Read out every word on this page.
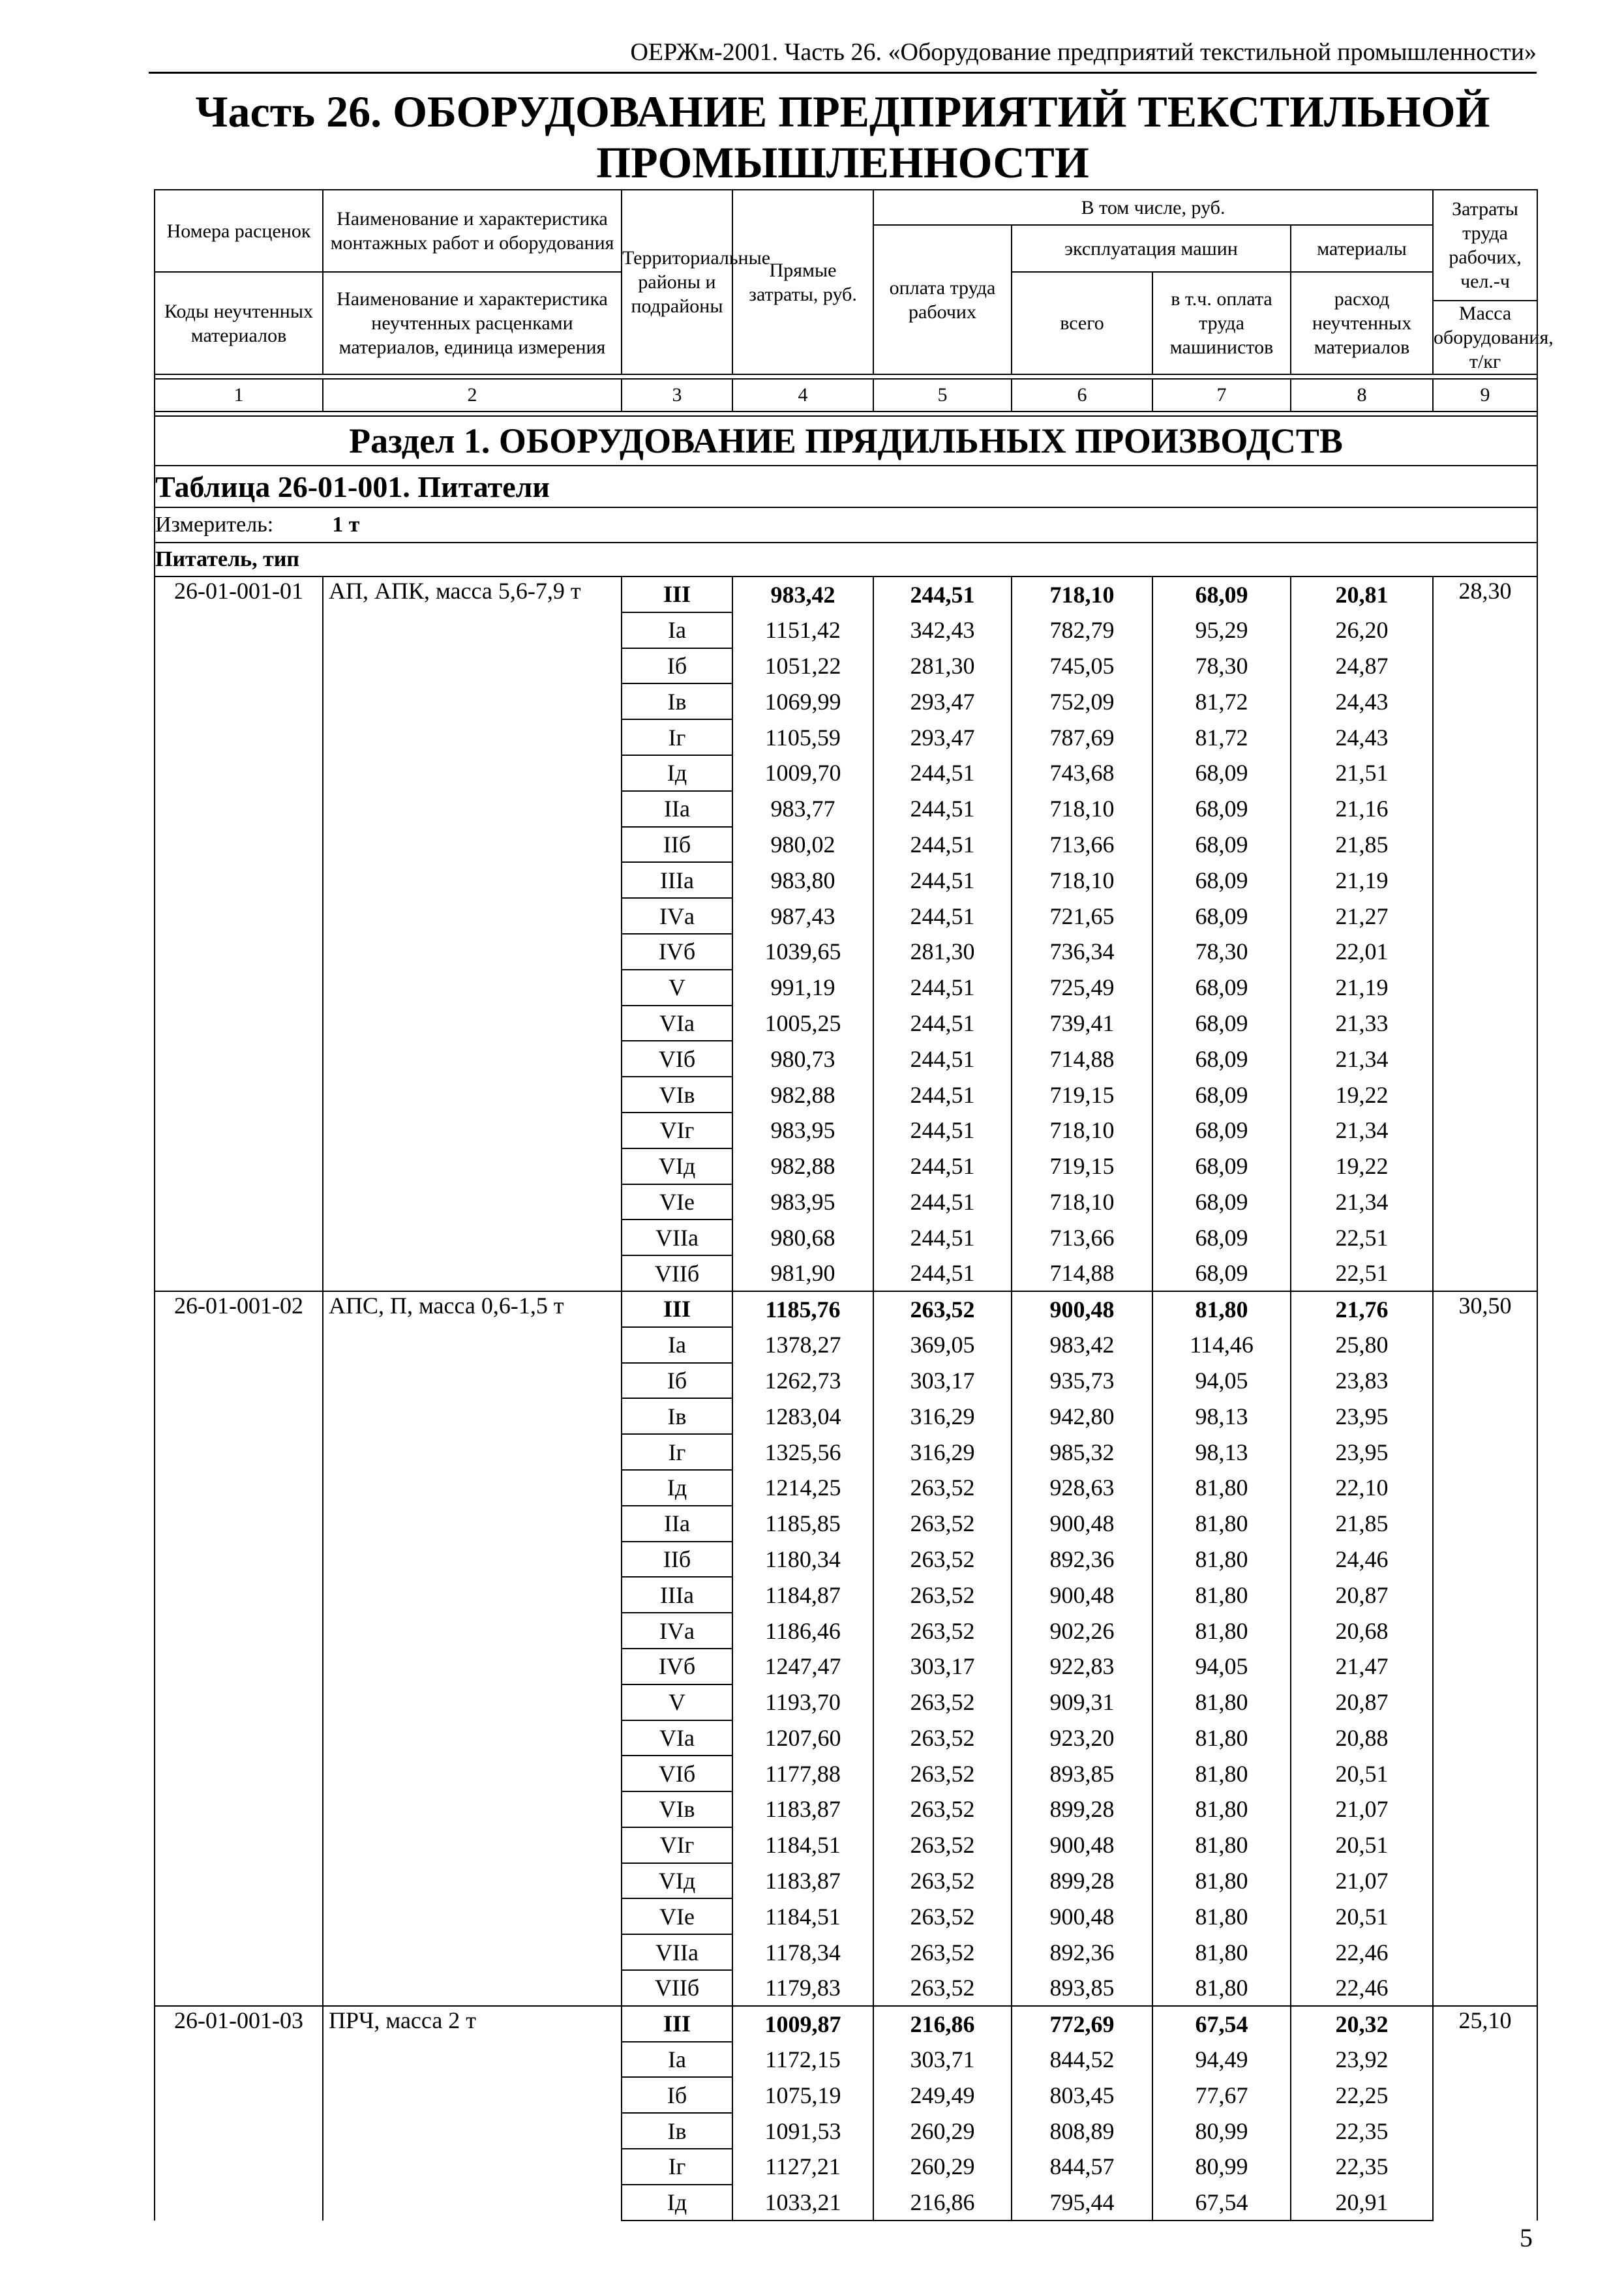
ОЕРЖм-2001. Часть 26. «Оборудование предприятий текстильной промышленности»
Часть 26. ОБОРУДОВАНИЕ ПРЕДПРИЯТИЙ ТЕКСТИЛЬНОЙ
ПРОМЫШЛЕННОСТИ
Номера расценок	Наименование и характеристика монтажных работ и оборудования	Территориальные районы и подрайоны	Прямые затраты, руб.	В том числе, руб.				Затраты труда рабочих, чел.-ч
				оплата труда рабочих	эксплуатация машин		материалы	
Коды неучтенных материалов	Наименование и характеристика неучтенных расценками материалов, единица измерения				всего	в т.ч. оплата труда машинистов	расход неучтенных материалов	
								Масса оборудования, т/кг

1	2	3	4	5	6	7	8	9

Раздел 1. ОБОРУДОВАНИЕ ПРЯДИЛЬНЫХ ПРОИЗВОДСТВ								
Таблица 26-01-001. Питатели								
Измеритель: 1 т								
Питатель, тип								
26-01-001-01	АП, АПК, масса 5,6-7,9 т	III	983,42	244,51	718,10	68,09	20,81	28,30
		Iа	1151,42	342,43	782,79	95,29	26,20	
		Iб	1051,22	281,30	745,05	78,30	24,87	
		Iв	1069,99	293,47	752,09	81,72	24,43	
		Iг	1105,59	293,47	787,69	81,72	24,43	
		Iд	1009,70	244,51	743,68	68,09	21,51	
		IIа	983,77	244,51	718,10	68,09	21,16	
		IIб	980,02	244,51	713,66	68,09	21,85	
		IIIа	983,80	244,51	718,10	68,09	21,19	
		IVа	987,43	244,51	721,65	68,09	21,27	
		IVб	1039,65	281,30	736,34	78,30	22,01	
		V	991,19	244,51	725,49	68,09	21,19	
		VIа	1005,25	244,51	739,41	68,09	21,33	
		VIб	980,73	244,51	714,88	68,09	21,34	
		VIв	982,88	244,51	719,15	68,09	19,22	
		VIг	983,95	244,51	718,10	68,09	21,34	
		VIд	982,88	244,51	719,15	68,09	19,22	
		VIе	983,95	244,51	718,10	68,09	21,34	
		VIIа	980,68	244,51	713,66	68,09	22,51	
		VIIб	981,90	244,51	714,88	68,09	22,51	
26-01-001-02	АПС, П, масса 0,6-1,5 т	III	1185,76	263,52	900,48	81,80	21,76	30,50
		Iа	1378,27	369,05	983,42	114,46	25,80	
		Iб	1262,73	303,17	935,73	94,05	23,83	
		Iв	1283,04	316,29	942,80	98,13	23,95	
		Iг	1325,56	316,29	985,32	98,13	23,95	
		Iд	1214,25	263,52	928,63	81,80	22,10	
		IIа	1185,85	263,52	900,48	81,80	21,85	
		IIб	1180,34	263,52	892,36	81,80	24,46	
		IIIа	1184,87	263,52	900,48	81,80	20,87	
		IVа	1186,46	263,52	902,26	81,80	20,68	
		IVб	1247,47	303,17	922,83	94,05	21,47	
		V	1193,70	263,52	909,31	81,80	20,87	
		VIа	1207,60	263,52	923,20	81,80	20,88	
		VIб	1177,88	263,52	893,85	81,80	20,51	
		VIв	1183,87	263,52	899,28	81,80	21,07	
		VIг	1184,51	263,52	900,48	81,80	20,51	
		VIд	1183,87	263,52	899,28	81,80	21,07	
		VIе	1184,51	263,52	900,48	81,80	20,51	
		VIIа	1178,34	263,52	892,36	81,80	22,46	
		VIIб	1179,83	263,52	893,85	81,80	22,46	
26-01-001-03	ПРЧ, масса 2 т	III	1009,87	216,86	772,69	67,54	20,32	25,10
		Iа	1172,15	303,71	844,52	94,49	23,92	
		Iб	1075,19	249,49	803,45	77,67	22,25	
		Iв	1091,53	260,29	808,89	80,99	22,35	
		Iг	1127,21	260,29	844,57	80,99	22,35	
		Iд	1033,21	216,86	795,44	67,54	20,91	
5
